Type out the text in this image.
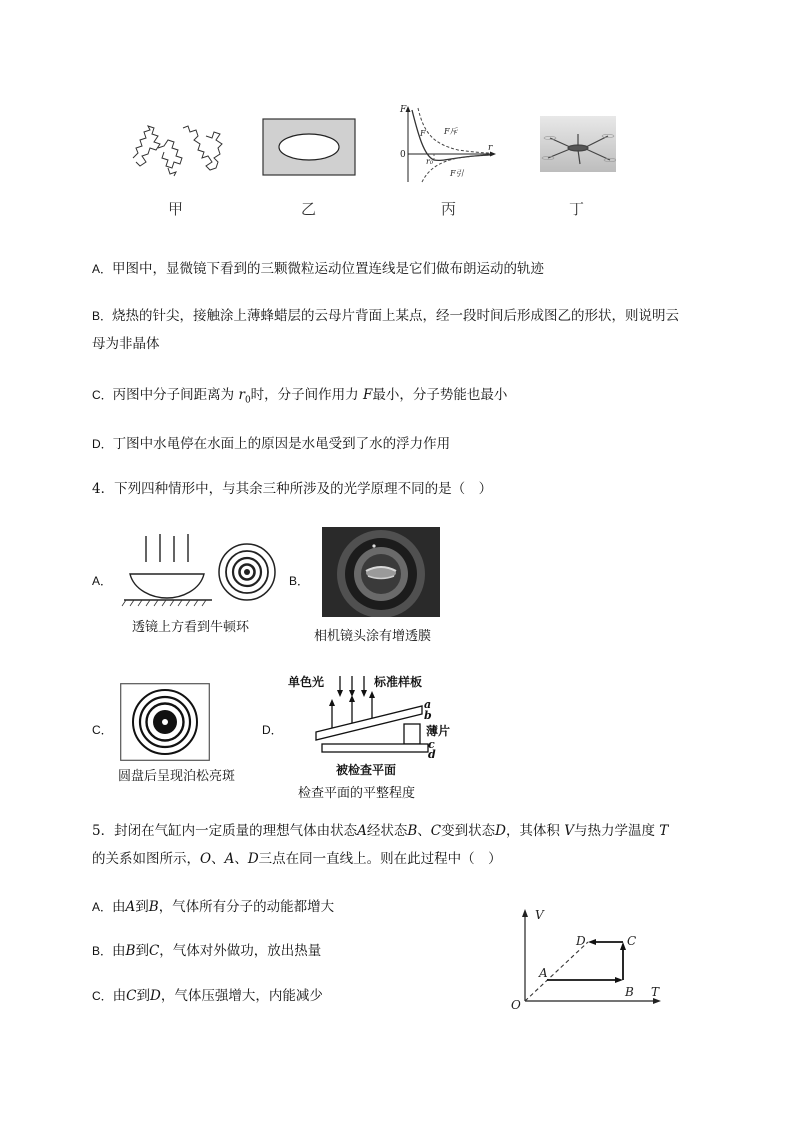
F
0
r
r₀
F F斥
F引
甲	乙	丙	丁
A．甲图中，显微镜下看到的三颗微粒运动位置连线是它们做布朗运动的轨迹
B．烧热的针尖，接触涂上薄蜂蜡层的云母片背面上某点，经一段时间后形成图乙的形状，则说明云
母为非晶体
C．丙图中分子间距离为 $r_0$时，分子间作用力 F最小，分子势能也最小
D．丁图中水黾停在水面上的原因是水黾受到了水的浮力作用
4．下列四种情形中，与其余三种所涉及的光学原理不同的是（　）
A．
透镜上方看到牛顿环
B．
相机镜头涂有增透膜
C．
圆盘后呈现泊松亮斑
D．
单色光	标准样板
a
b
薄片
c
d
被检查平面
检查平面的平整程度
5．封闭在气缸内一定质量的理想气体由状态A经状态B、C变到状态D，其体积 V与热力学温度 T
的关系如图所示，O、A、D三点在同一直线上。则在此过程中（　）
A．由A到B，气体所有分子的动能都增大
B．由B到C，气体对外做功，放出热量
C．由C到D，气体压强增大，内能减少
V
T
O
A
B
C
D
